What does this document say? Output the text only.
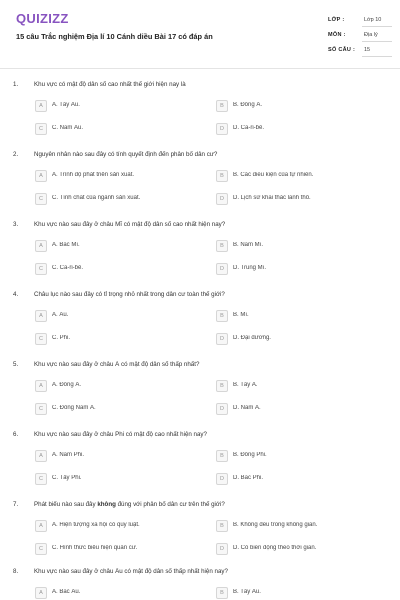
QUIZIZZ
15 câu Trắc nghiệm Địa lí 10 Cánh diều Bài 17 có đáp án
LỚP :	Lớp 10
MÔN :	Địa lý
SỐ CÂU : 15
1.	Khu vực có mật độ dân số cao nhất thế giới hiện nay là
A	A. Tây Âu.	B	B. Đông Á.
C	C. Nam Âu.	D	D. Ca-ri-bê.
2.	Nguyên nhân nào sau đây có tính quyết định đến phân bố dân cư?
A	A. Trình độ phát triển sản xuất.	B	B. Các điều kiện của tự nhiên.
C	C. Tính chất của ngành sản xuất.	D	D. Lịch sử khai thác lãnh thổ.
3.	Khu vực nào sau đây ở châu Mĩ có mật độ dân số cao nhất hiện nay?
A	A. Bắc Mĩ.	B	B. Nam Mĩ.
C	C. Ca-ri-bê.	D	D. Trung Mĩ.
4.	Châu lục nào sau đây có tỉ trọng nhỏ nhất trong dân cư toàn thế giới?
A	A. Âu.	B	B. Mĩ.
C	C. Phi.	D	D. Đại dương.
5.	Khu vực nào sau đây ở châu Á có mật độ dân số thấp nhất?
A	A. Đông Á.	B	B. Tây Á.
C	C. Đông Nam Á.	D	D. Nam Á.
6.	Khu vực nào sau đây ở châu Phi có mật độ cao nhất hiện nay?
A	A. Nam Phi.	B	B. Đông Phi.
C	C. Tây Phi.	D	D. Bắc Phi.
7.	Phát biểu nào sau đây không đúng với phân bố dân cư trên thế giới?
A	A. Hiện tượng xã hội có quy luật.	B	B. Không đều trong không gian.
C	C. Hình thức biểu hiện quần cư.	D	D. Có biến động theo thời gian.
8.	Khu vực nào sau đây ở châu Âu có mật độ dân số thấp nhất hiện nay?
A	A. Bắc Âu.	B	B. Tây Âu.
